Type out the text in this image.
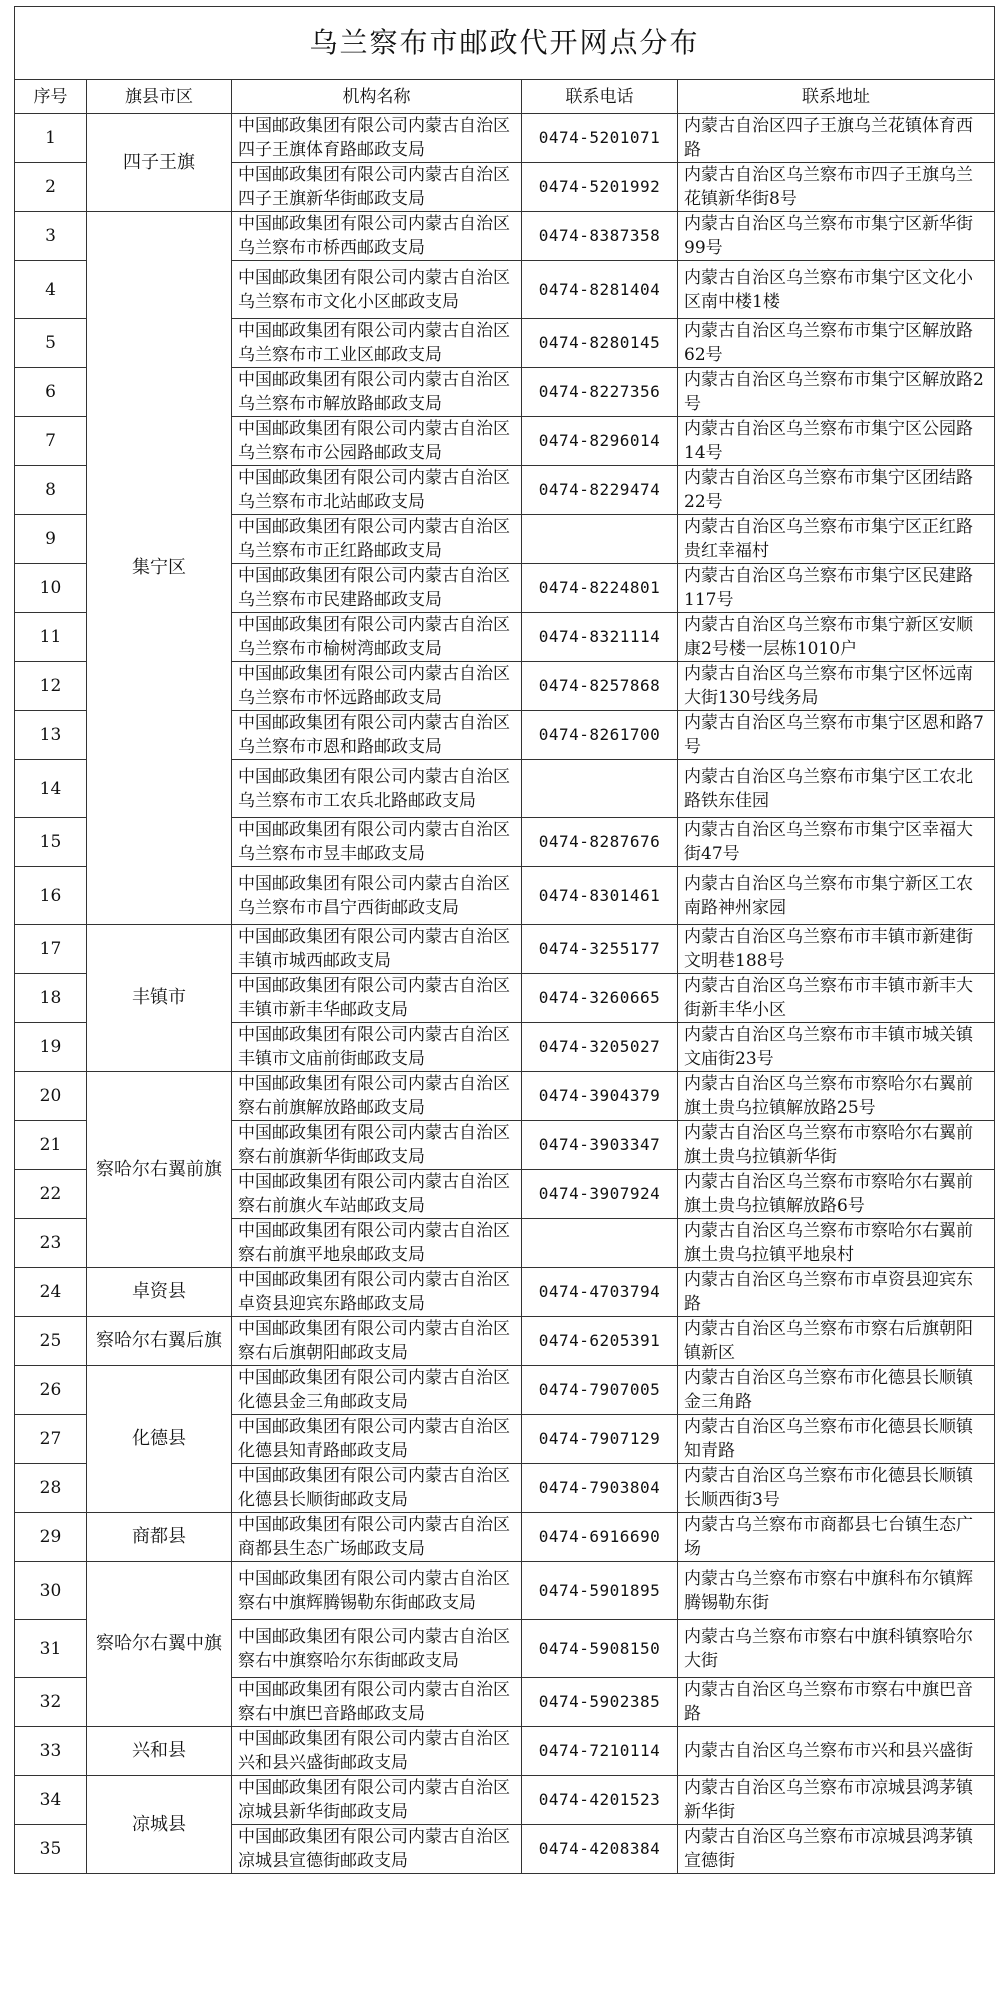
乌兰察布市邮政代开网点分布				
序号	旗县市区	机构名称	联系电话	联系地址
1	四子王旗	中国邮政集团有限公司内蒙古自治区四子王旗体育路邮政支局	0474-5201071	内蒙古自治区四子王旗乌兰花镇体育西路
2		中国邮政集团有限公司内蒙古自治区四子王旗新华街邮政支局	0474-5201992	内蒙古自治区乌兰察布市四子王旗乌兰花镇新华街8号
3	集宁区	中国邮政集团有限公司内蒙古自治区乌兰察布市桥西邮政支局	0474-8387358	内蒙古自治区乌兰察布市集宁区新华街99号
4		中国邮政集团有限公司内蒙古自治区乌兰察布市文化小区邮政支局	0474-8281404	内蒙古自治区乌兰察布市集宁区文化小区南中楼1楼
5		中国邮政集团有限公司内蒙古自治区乌兰察布市工业区邮政支局	0474-8280145	内蒙古自治区乌兰察布市集宁区解放路62号
6		中国邮政集团有限公司内蒙古自治区乌兰察布市解放路邮政支局	0474-8227356	内蒙古自治区乌兰察布市集宁区解放路2号
7		中国邮政集团有限公司内蒙古自治区乌兰察布市公园路邮政支局	0474-8296014	内蒙古自治区乌兰察布市集宁区公园路14号
8		中国邮政集团有限公司内蒙古自治区乌兰察布市北站邮政支局	0474-8229474	内蒙古自治区乌兰察布市集宁区团结路22号
9		中国邮政集团有限公司内蒙古自治区乌兰察布市正红路邮政支局		内蒙古自治区乌兰察布市集宁区正红路贵红幸福村
10		中国邮政集团有限公司内蒙古自治区乌兰察布市民建路邮政支局	0474-8224801	内蒙古自治区乌兰察布市集宁区民建路117号
11		中国邮政集团有限公司内蒙古自治区乌兰察布市榆树湾邮政支局	0474-8321114	内蒙古自治区乌兰察布市集宁新区安顺康2号楼一层栋1010户
12		中国邮政集团有限公司内蒙古自治区乌兰察布市怀远路邮政支局	0474-8257868	内蒙古自治区乌兰察布市集宁区怀远南大街130号线务局
13		中国邮政集团有限公司内蒙古自治区乌兰察布市恩和路邮政支局	0474-8261700	内蒙古自治区乌兰察布市集宁区恩和路7号
14		中国邮政集团有限公司内蒙古自治区乌兰察布市工农兵北路邮政支局		内蒙古自治区乌兰察布市集宁区工农北路铁东佳园
15		中国邮政集团有限公司内蒙古自治区乌兰察布市昱丰邮政支局	0474-8287676	内蒙古自治区乌兰察布市集宁区幸福大街47号
16		中国邮政集团有限公司内蒙古自治区乌兰察布市昌宁西街邮政支局	0474-8301461	内蒙古自治区乌兰察布市集宁新区工农南路神州家园
17	丰镇市	中国邮政集团有限公司内蒙古自治区丰镇市城西邮政支局	0474-3255177	内蒙古自治区乌兰察布市丰镇市新建街文明巷188号
18		中国邮政集团有限公司内蒙古自治区丰镇市新丰华邮政支局	0474-3260665	内蒙古自治区乌兰察布市丰镇市新丰大街新丰华小区
19		中国邮政集团有限公司内蒙古自治区丰镇市文庙前街邮政支局	0474-3205027	内蒙古自治区乌兰察布市丰镇市城关镇文庙街23号
20	察哈尔右翼前旗	中国邮政集团有限公司内蒙古自治区察右前旗解放路邮政支局	0474-3904379	内蒙古自治区乌兰察布市察哈尔右翼前旗土贵乌拉镇解放路25号
21		中国邮政集团有限公司内蒙古自治区察右前旗新华街邮政支局	0474-3903347	内蒙古自治区乌兰察布市察哈尔右翼前旗土贵乌拉镇新华街
22		中国邮政集团有限公司内蒙古自治区察右前旗火车站邮政支局	0474-3907924	内蒙古自治区乌兰察布市察哈尔右翼前旗土贵乌拉镇解放路6号
23		中国邮政集团有限公司内蒙古自治区察右前旗平地泉邮政支局		内蒙古自治区乌兰察布市察哈尔右翼前旗土贵乌拉镇平地泉村
24	卓资县	中国邮政集团有限公司内蒙古自治区卓资县迎宾东路邮政支局	0474-4703794	内蒙古自治区乌兰察布市卓资县迎宾东路
25	察哈尔右翼后旗	中国邮政集团有限公司内蒙古自治区察右后旗朝阳邮政支局	0474-6205391	内蒙古自治区乌兰察布市察右后旗朝阳镇新区
26	化德县	中国邮政集团有限公司内蒙古自治区化德县金三角邮政支局	0474-7907005	内蒙古自治区乌兰察布市化德县长顺镇金三角路
27		中国邮政集团有限公司内蒙古自治区化德县知青路邮政支局	0474-7907129	内蒙古自治区乌兰察布市化德县长顺镇知青路
28		中国邮政集团有限公司内蒙古自治区化德县长顺街邮政支局	0474-7903804	内蒙古自治区乌兰察布市化德县长顺镇长顺西街3号
29	商都县	中国邮政集团有限公司内蒙古自治区商都县生态广场邮政支局	0474-6916690	内蒙古乌兰察布市商都县七台镇生态广场
30	察哈尔右翼中旗	中国邮政集团有限公司内蒙古自治区察右中旗辉腾锡勒东街邮政支局	0474-5901895	内蒙古乌兰察布市察右中旗科布尔镇辉腾锡勒东街
31		中国邮政集团有限公司内蒙古自治区察右中旗察哈尔东街邮政支局	0474-5908150	内蒙古乌兰察布市察右中旗科镇察哈尔大街
32		中国邮政集团有限公司内蒙古自治区察右中旗巴音路邮政支局	0474-5902385	内蒙古自治区乌兰察布市察右中旗巴音路
33	兴和县	中国邮政集团有限公司内蒙古自治区兴和县兴盛街邮政支局	0474-7210114	内蒙古自治区乌兰察布市兴和县兴盛街
34	凉城县	中国邮政集团有限公司内蒙古自治区凉城县新华街邮政支局	0474-4201523	内蒙古自治区乌兰察布市凉城县鸿茅镇新华街
35		中国邮政集团有限公司内蒙古自治区凉城县宣德街邮政支局	0474-4208384	内蒙古自治区乌兰察布市凉城县鸿茅镇宣德街
